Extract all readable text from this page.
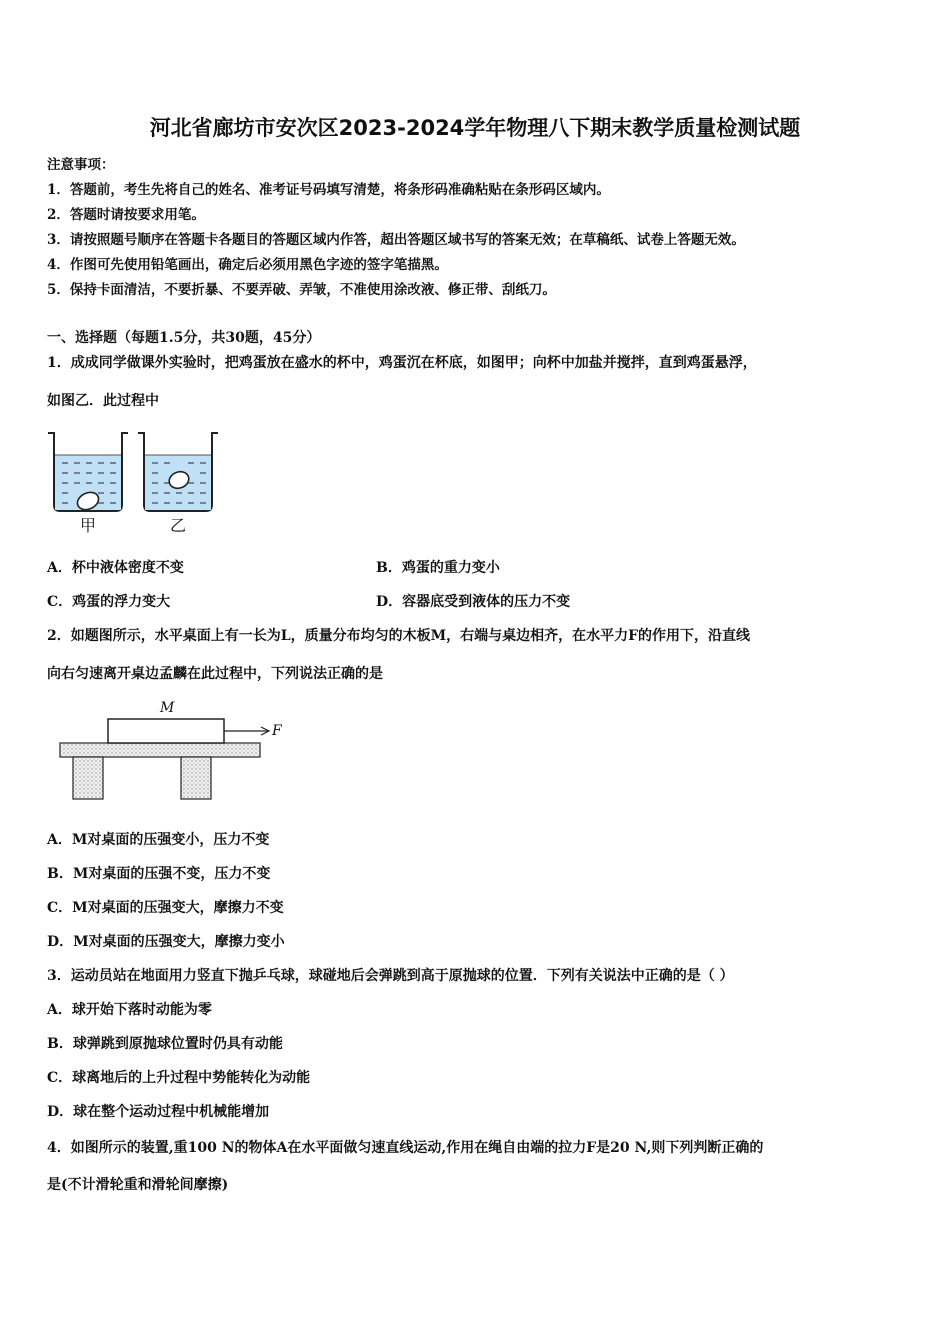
河北省廊坊市安次区2023-2024学年物理八下期末教学质量检测试题
注意事项：
1．答题前，考生先将自己的姓名、准考证号码填写清楚，将条形码准确粘贴在条形码区域内。
2．答题时请按要求用笔。
3．请按照题号顺序在答题卡各题目的答题区域内作答，超出答题区域书写的答案无效；在草稿纸、试卷上答题无效。
4．作图可先使用铅笔画出，确定后必须用黑色字迹的签字笔描黑。
5．保持卡面清洁，不要折暴、不要弄破、弄皱，不准使用涂改液、修正带、刮纸刀。
一、选择题（每题1.5分，共30题，45分）
1．成成同学做课外实验时，把鸡蛋放在盛水的杯中，鸡蛋沉在杯底，如图甲；向杯中加盐并搅拌，直到鸡蛋悬浮，
如图乙．此过程中
甲	乙
A．杯中液体密度不变	B．鸡蛋的重力变小
C．鸡蛋的浮力变大	D．容器底受到液体的压力不变
2．如题图所示，水平桌面上有一长为L，质量分布均匀的木板M，右端与桌边相齐，在水平力F的作用下，沿直线
向右匀速离开桌边孟麟在此过程中，下列说法正确的是
M
F
A．M对桌面的压强变小，压力不变
B．M对桌面的压强不变，压力不变
C．M对桌面的压强变大，摩擦力不变
D．M对桌面的压强变大，摩擦力变小
3．运动员站在地面用力竖直下抛乒乓球，球碰地后会弹跳到高于原抛球的位置．下列有关说法中正确的是（ ）
A．球开始下落时动能为零
B．球弹跳到原抛球位置时仍具有动能
C．球离地后的上升过程中势能转化为动能
D．球在整个运动过程中机械能增加
4．如图所示的装置,重100 N的物体A在水平面做匀速直线运动,作用在绳自由端的拉力F是20 N,则下列判断正确的
是(不计滑轮重和滑轮间摩擦)
